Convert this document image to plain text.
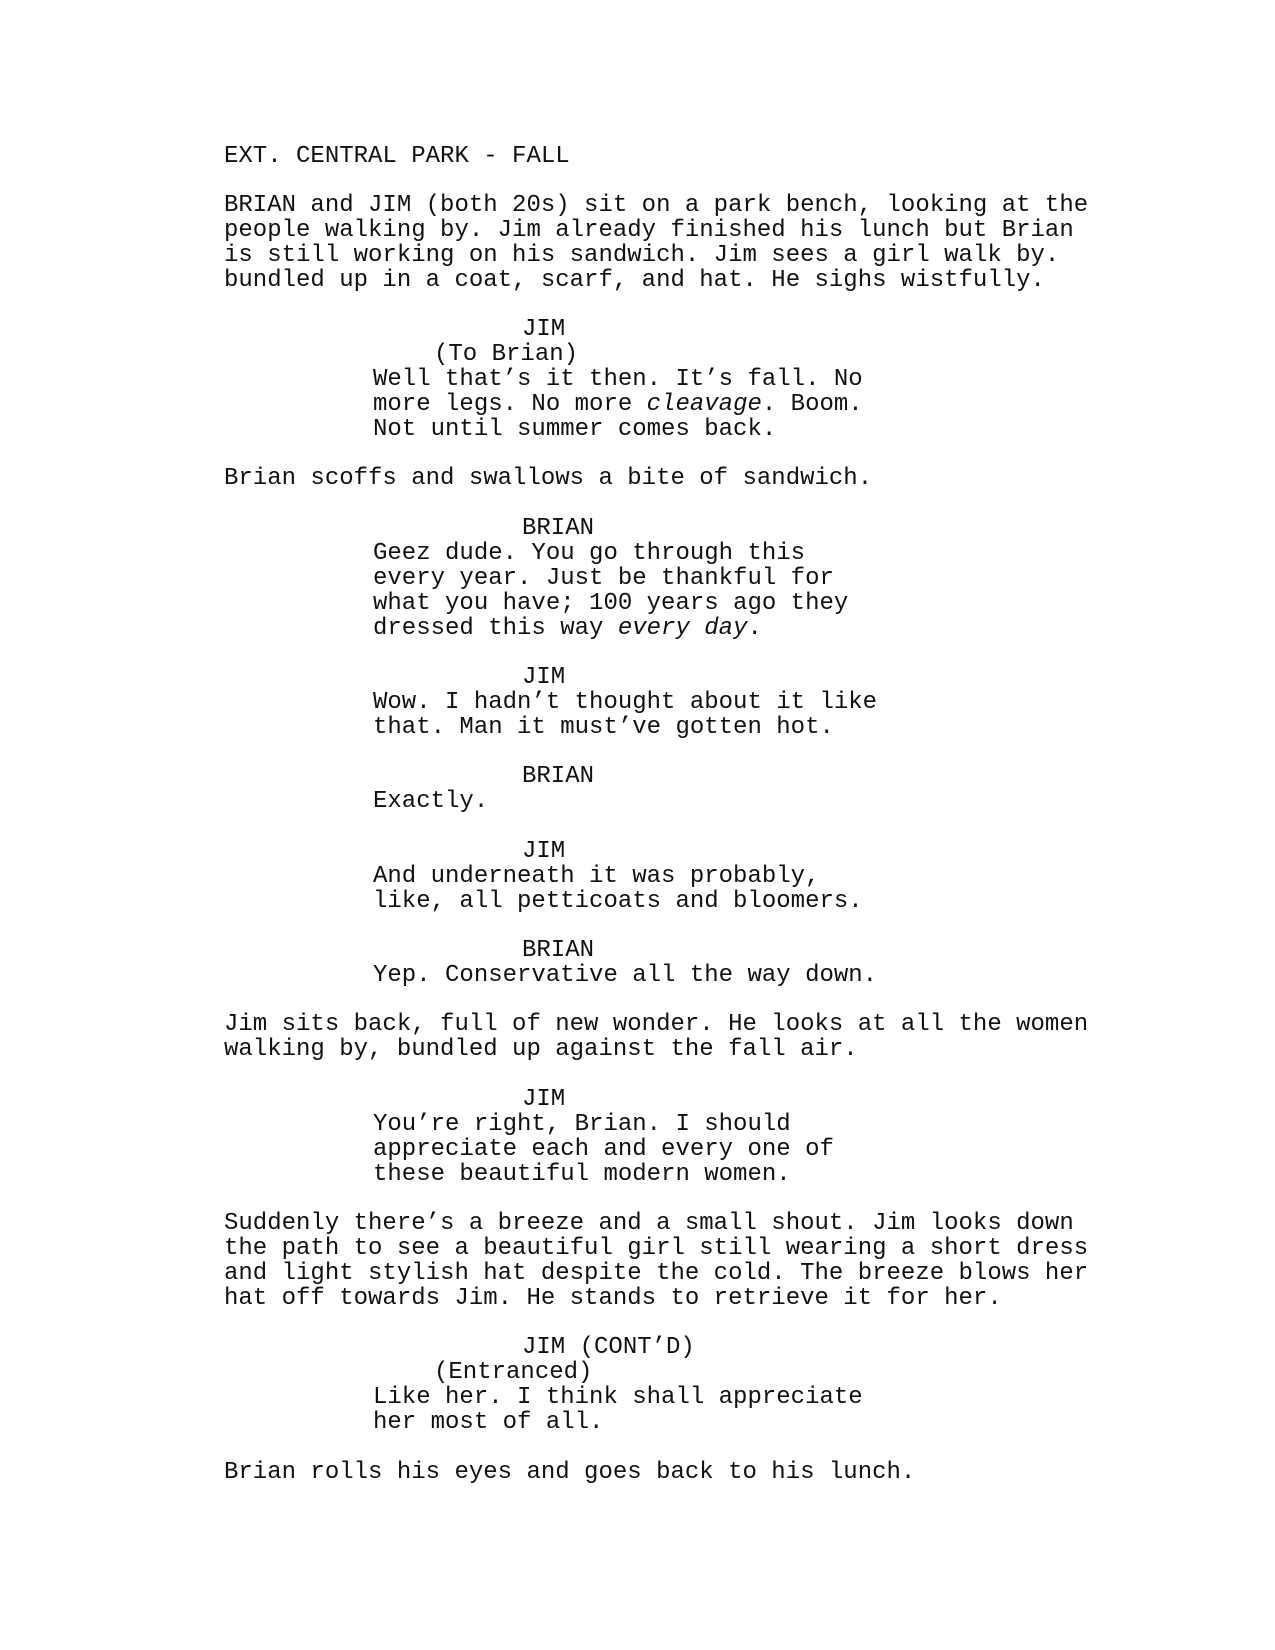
EXT. CENTRAL PARK - FALL
BRIAN and JIM (both 20s) sit on a park bench, looking at the
people walking by. Jim already finished his lunch but Brian
is still working on his sandwich. Jim sees a girl walk by.
bundled up in a coat, scarf, and hat. He sighs wistfully.
JIM
(To Brian)
Well that’s it then. It’s fall. No
more legs. No more cleavage. Boom.
Not until summer comes back.
Brian scoffs and swallows a bite of sandwich.
BRIAN
Geez dude. You go through this
every year. Just be thankful for
what you have; 100 years ago they
dressed this way every day.
JIM
Wow. I hadn’t thought about it like
that. Man it must’ve gotten hot.
BRIAN
Exactly.
JIM
And underneath it was probably,
like, all petticoats and bloomers.
BRIAN
Yep. Conservative all the way down.
Jim sits back, full of new wonder. He looks at all the women
walking by, bundled up against the fall air.
JIM
You’re right, Brian. I should
appreciate each and every one of
these beautiful modern women.
Suddenly there’s a breeze and a small shout. Jim looks down
the path to see a beautiful girl still wearing a short dress
and light stylish hat despite the cold. The breeze blows her
hat off towards Jim. He stands to retrieve it for her.
JIM (CONT’D)
(Entranced)
Like her. I think shall appreciate
her most of all.
Brian rolls his eyes and goes back to his lunch.
